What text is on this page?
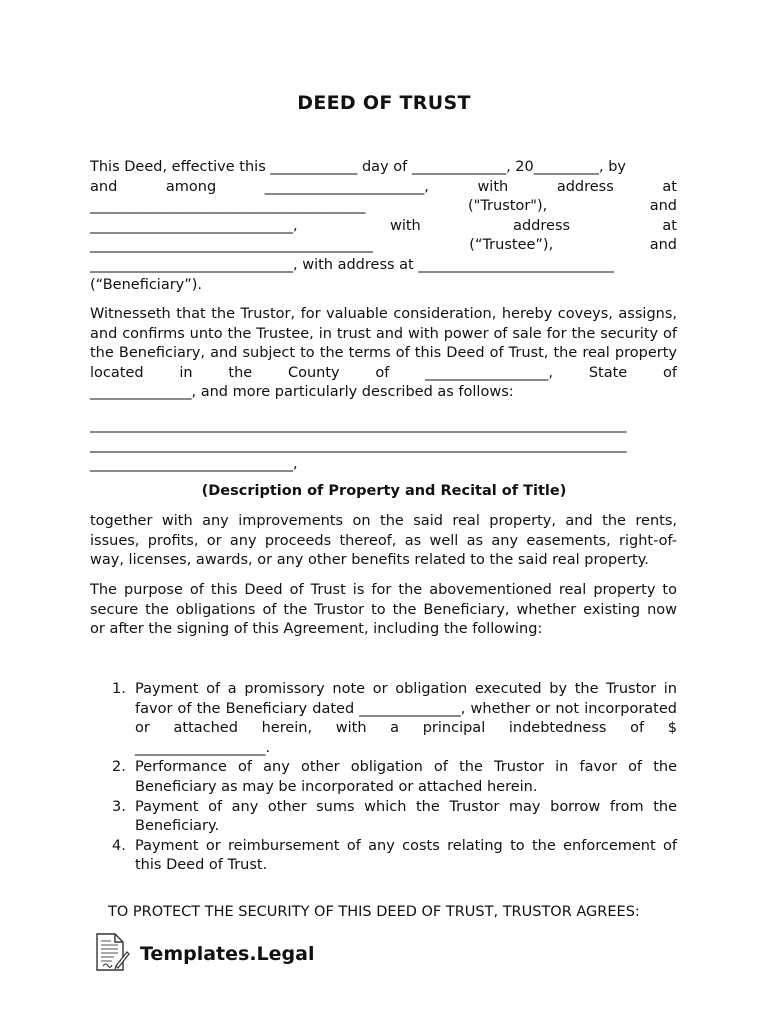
DEED OF TRUST
This Deed, effective this ____________ day of _____________, 20_________, by
and	among	______________________,	with	address	at
______________________________________	("Trustor"),	and
____________________________,	with	address	at
_______________________________________	(“Trustee”),	and
____________________________, with address at ___________________________
(“Beneficiary”).
Witnesseth that the Trustor, for valuable consideration, hereby coveys, assigns, and confirms unto the Trustee, in trust and with power of sale for the security of the Beneficiary, and subject to the terms of this Deed of Trust, the real property located in the County of _________________, State of
______________, and more particularly described as follows:
__________________________________________________________________________
__________________________________________________________________________
____________________________,
(Description of Property and Recital of Title)
together with any improvements on the said real property, and the rents, issues, profits, or any proceeds thereof, as well as any easements, right-of-
way, licenses, awards, or any other benefits related to the said real property.
The purpose of this Deed of Trust is for the abovementioned real property to secure the obligations of the Trustor to the Beneficiary, whether existing now
or after the signing of this Agreement, including the following:
1. Payment of a promissory note or obligation executed by the Trustor in favor of the Beneficiary dated ______________, whether or not incorporated or attached herein, with a principal indebtedness of $
__________________.
2. Performance of any other obligation of the Trustor in favor of the
Beneficiary as may be incorporated or attached herein.
3. Payment of any other sums which the Trustor may borrow from the
Beneficiary.
4. Payment or reimbursement of any costs relating to the enforcement of
this Deed of Trust.
TO PROTECT THE SECURITY OF THIS DEED OF TRUST, TRUSTOR AGREES:
Templates.Legal
